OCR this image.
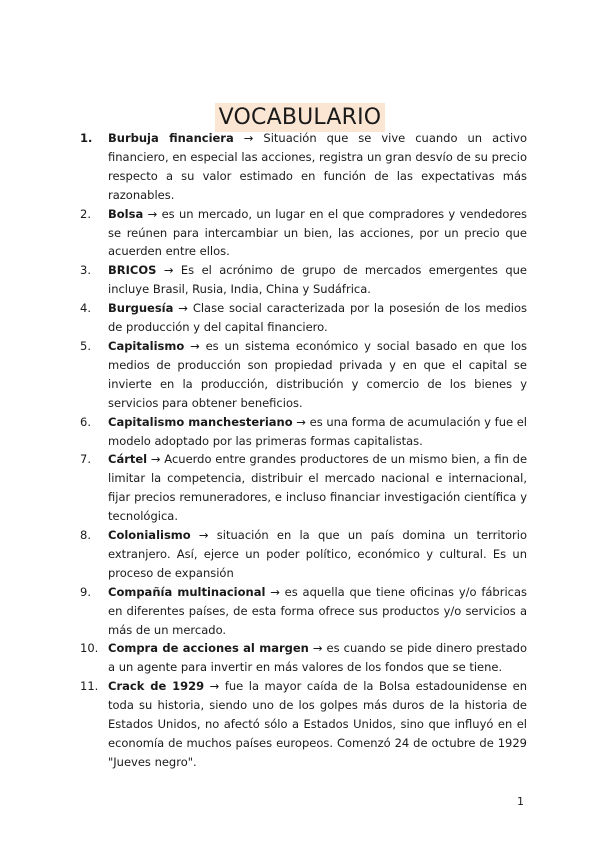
VOCABULARIO
1.	Burbuja financiera → Situación que se vive cuando un activo financiero, en especial las acciones, registra un gran desvío de su precio respecto a su valor estimado en función de las expectativas más razonables.
2.	Bolsa → es un mercado, un lugar en el que compradores y vendedores se reúnen para intercambiar un bien, las acciones, por un precio que acuerden entre ellos.
3.	BRICOS → Es el acrónimo de grupo de mercados emergentes que incluye Brasil, Rusia, India, China y Sudáfrica.
4.	Burguesía → Clase social caracterizada por la posesión de los medios de producción y del capital financiero.
5.	Capitalismo → es un sistema económico y social basado en que los medios de producción son propiedad privada y en que el capital se invierte en la producción, distribución y comercio de los bienes y servicios para obtener beneficios.
6.	Capitalismo manchesteriano → es una forma de acumulación y fue el modelo adoptado por las primeras formas capitalistas.
7.	Cártel → Acuerdo entre grandes productores de un mismo bien, a fin de limitar la competencia, distribuir el mercado nacional e internacional, fijar precios remuneradores, e incluso financiar investigación científica y tecnológica.
8.	Colonialismo → situación en la que un país domina un territorio extranjero. Así, ejerce un poder político, económico y cultural. Es un proceso de expansión
9.	Compañía multinacional → es aquella que tiene oficinas y/o fábricas en diferentes países, de esta forma ofrece sus productos y/o servicios a más de un mercado.
10. Compra de acciones al margen → es cuando se pide dinero prestado a un agente para invertir en más valores de los fondos que se tiene.
11. Crack de 1929 → fue la mayor caída de la Bolsa estadounidense en toda su historia, siendo uno de los golpes más duros de la historia de Estados Unidos, no afectó sólo a Estados Unidos, sino que influyó en el economía de muchos países europeos. Comenzó 24 de octubre de 1929 "Jueves negro".
1
